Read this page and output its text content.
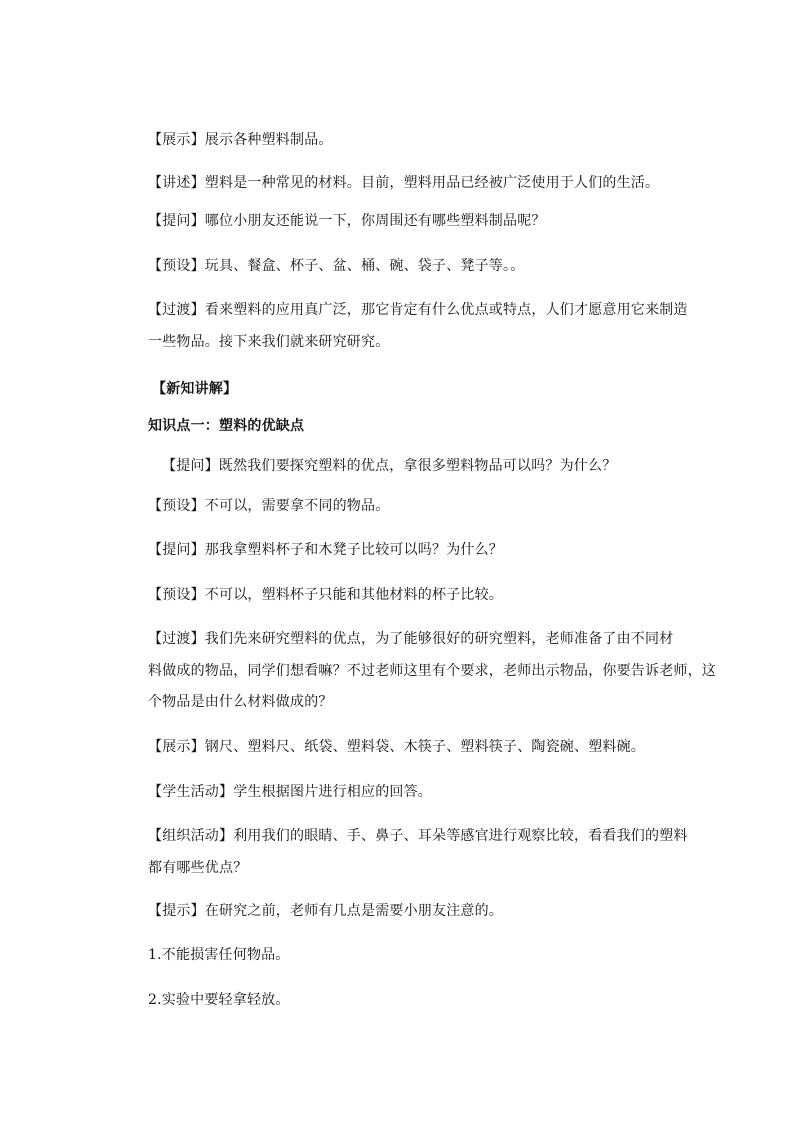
【展示】展示各种塑料制品。
【讲述】塑料是一种常见的材料。目前，塑料用品已经被广泛使用于人们的生活。
【提问】哪位小朋友还能说一下，你周围还有哪些塑料制品呢？
【预设】玩具、餐盒、杯子、盆、桶、碗、袋子、凳子等。。
【过渡】看来塑料的应用真广泛，那它肯定有什么优点或特点，人们才愿意用它来制造
一些物品。接下来我们就来研究研究。
【新知讲解】
知识点一：塑料的优缺点
【提问】既然我们要探究塑料的优点，拿很多塑料物品可以吗？为什么？
【预设】不可以，需要拿不同的物品。
【提问】那我拿塑料杯子和木凳子比较可以吗？为什么？
【预设】不可以，塑料杯子只能和其他材料的杯子比较。
【过渡】我们先来研究塑料的优点，为了能够很好的研究塑料，老师准备了由不同材
料做成的物品，同学们想看嘛？不过老师这里有个要求，老师出示物品，你要告诉老师，这
个物品是由什么材料做成的？
【展示】钢尺、塑料尺、纸袋、塑料袋、木筷子、塑料筷子、陶瓷碗、塑料碗。
【学生活动】学生根据图片进行相应的回答。
【组织活动】利用我们的眼睛、手、鼻子、耳朵等感官进行观察比较，看看我们的塑料
都有哪些优点？
【提示】在研究之前，老师有几点是需要小朋友注意的。
1.不能损害任何物品。
2.实验中要轻拿轻放。
